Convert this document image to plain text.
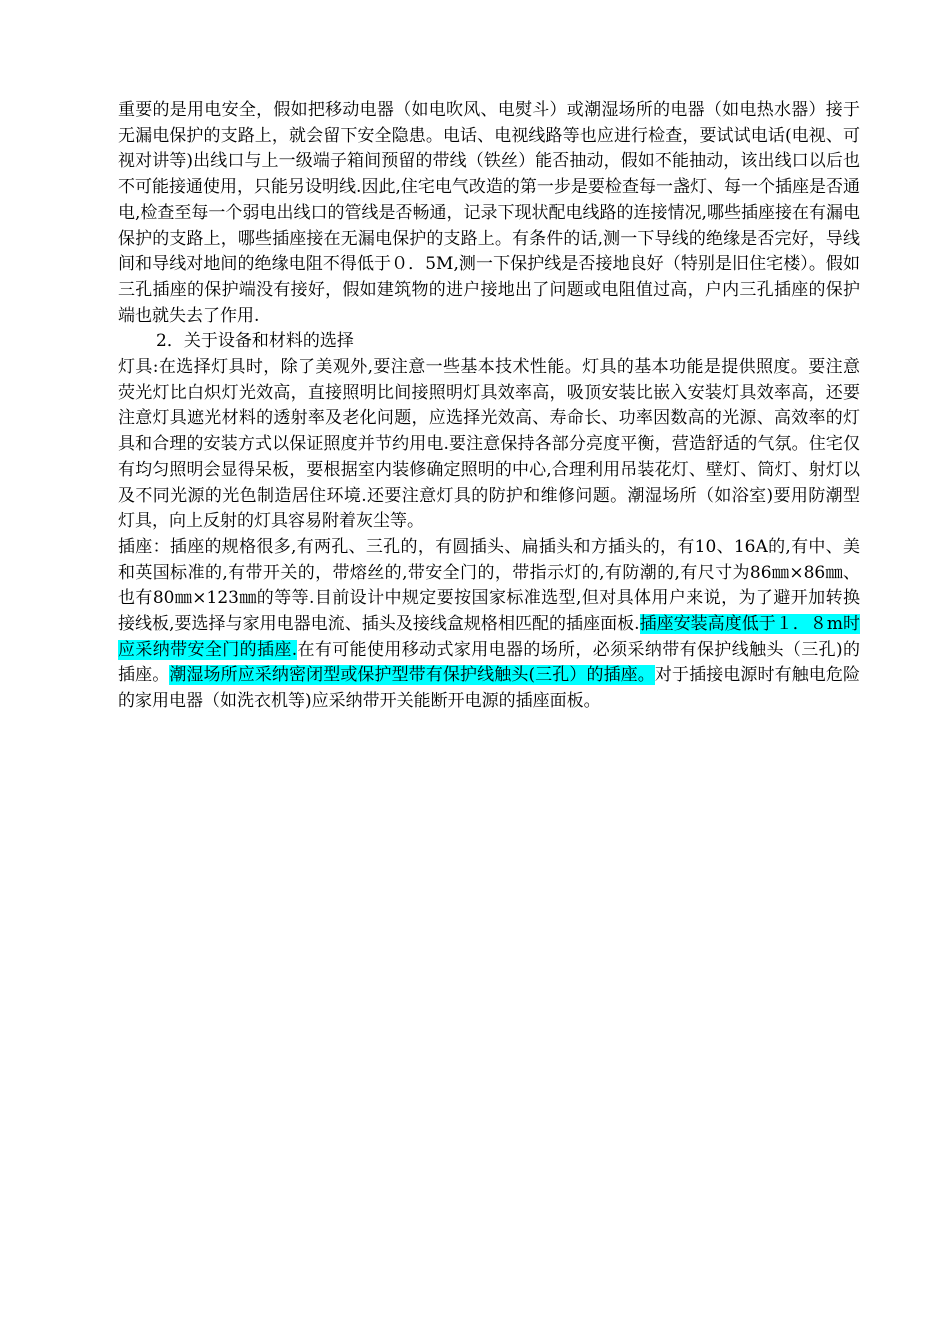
重要的是用电安全，假如把移动电器（如电吹风、电熨斗）或潮湿场所的电器（如电热水器）接于无漏电保护的支路上，就会留下安全隐患。电话、电视线路等也应进行检查，要试试电话(电视、可视对讲等)出线口与上一级端子箱间预留的带线（铁丝）能否抽动，假如不能抽动，该出线口以后也不可能接通使用，只能另设明线.因此,住宅电气改造的第一步是要检查每一盏灯、每一个插座是否通电,检查至每一个弱电出线口的管线是否畅通，记录下现状配电线路的连接情况,哪些插座接在有漏电保护的支路上，哪些插座接在无漏电保护的支路上。有条件的话,测一下导线的绝缘是否完好，导线间和导线对地间的绝缘电阻不得低于０．5M,测一下保护线是否接地良好（特别是旧住宅楼）。假如三孔插座的保护端没有接好，假如建筑物的进户接地出了问题或电阻值过高，户内三孔插座的保护端也就失去了作用.

2．关于设备和材料的选择

灯具:在选择灯具时，除了美观外,要注意一些基本技术性能。灯具的基本功能是提供照度。要注意荧光灯比白炽灯光效高，直接照明比间接照明灯具效率高，吸顶安装比嵌入安装灯具效率高，还要注意灯具遮光材料的透射率及老化问题，应选择光效高、寿命长、功率因数高的光源、高效率的灯具和合理的安装方式以保证照度并节约用电.要注意保持各部分亮度平衡，营造舒适的气氛。住宅仅有均匀照明会显得呆板，要根据室内装修确定照明的中心,合理利用吊装花灯、壁灯、筒灯、射灯以及不同光源的光色制造居住环境.还要注意灯具的防护和维修问题。潮湿场所（如浴室)要用防潮型灯具，向上反射的灯具容易附着灰尘等。

插座：插座的规格很多,有两孔、三孔的，有圆插头、扁插头和方插头的，有10、16A的,有中、美和英国标准的,有带开关的，带熔丝的,带安全门的，带指示灯的,有防潮的,有尺寸为86㎜×86㎜、也有80㎜×123㎜的等等.目前设计中规定要按国家标准选型,但对具体用户来说，为了避开加转换接线板,要选择与家用电器电流、插头及接线盒规格相匹配的插座面板.插座安装高度低于１．８m时应采纳带安全门的插座.在有可能使用移动式家用电器的场所，必须采纳带有保护线触头（三孔)的插座。潮湿场所应采纳密闭型或保护型带有保护线触头(三孔）的插座。对于插接电源时有触电危险的家用电器（如洗衣机等)应采纳带开关能断开电源的插座面板。
